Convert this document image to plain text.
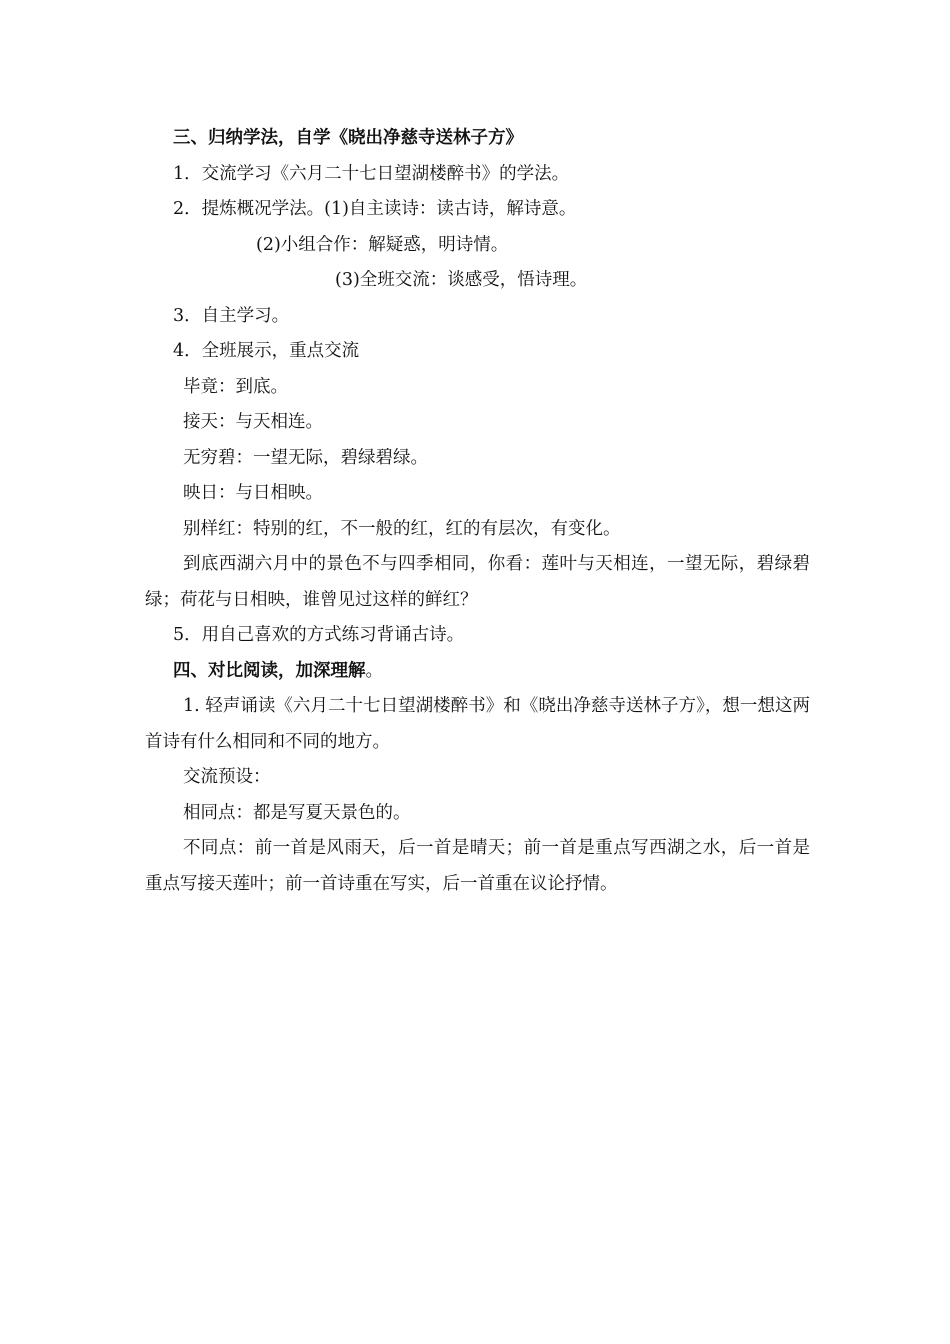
三、归纳学法，自学《晓出净慈寺送林子方》
1．交流学习《六月二十七日望湖楼醉书》的学法。
2．提炼概况学法。(1)自主读诗：读古诗，解诗意。
(2)小组合作：解疑惑，明诗情。
(3)全班交流：谈感受，悟诗理。
3．自主学习。
4．全班展示，重点交流
毕竟：到底。
接天：与天相连。
无穷碧：一望无际，碧绿碧绿。
映日：与日相映。
别样红：特别的红，不一般的红，红的有层次，有变化。
到底西湖六月中的景色不与四季相同，你看：莲叶与天相连，一望无际，碧绿碧绿；荷花与日相映，谁曾见过这样的鲜红？
5．用自己喜欢的方式练习背诵古诗。
四、对比阅读，加深理解。
1. 轻声诵读《六月二十七日望湖楼醉书》和《晓出净慈寺送林子方》，想一想这两首诗有什么相同和不同的地方。
交流预设：
相同点：都是写夏天景色的。
不同点：前一首是风雨天，后一首是晴天；前一首是重点写西湖之水，后一首是重点写接天莲叶；前一首诗重在写实，后一首重在议论抒情。
